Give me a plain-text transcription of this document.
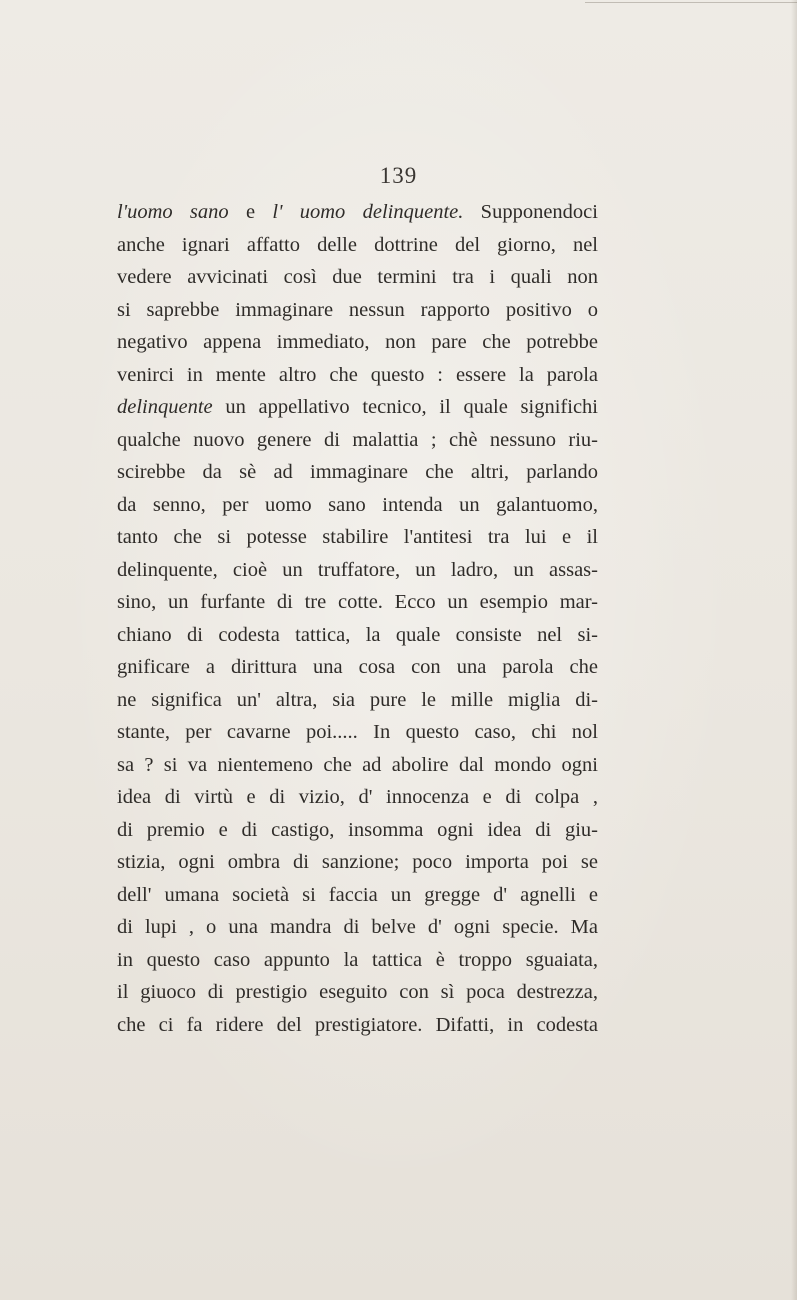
139
l'uomo sano e l' uomo delinquente. Supponendoci
anche ignari affatto delle dottrine del giorno, nel
vedere avvicinati così due termini tra i quali non
si saprebbe immaginare nessun rapporto positivo o
negativo appena immediato, non pare che potrebbe
venirci in mente altro che questo : essere la parola
delinquente un appellativo tecnico, il quale significhi
qualche nuovo genere di malattia ; chè nessuno riu-
scirebbe da sè ad immaginare che altri, parlando
da senno, per uomo sano intenda un galantuomo,
tanto che si potesse stabilire l'antitesi tra lui e il
delinquente, cioè un truffatore, un ladro, un assas-
sino, un furfante di tre cotte. Ecco un esempio mar-
chiano di codesta tattica, la quale consiste nel si-
gnificare a dirittura una cosa con una parola che
ne significa un' altra, sia pure le mille miglia di-
stante, per cavarne poi..... In questo caso, chi nol
sa ? si va nientemeno che ad abolire dal mondo ogni
idea di virtù e di vizio, d' innocenza e di colpa ,
di premio e di castigo, insomma ogni idea di giu-
stizia, ogni ombra di sanzione; poco importa poi se
dell' umana società si faccia un gregge d' agnelli e
di lupi , o una mandra di belve d' ogni specie. Ma
in questo caso appunto la tattica è troppo sguaiata,
il giuoco di prestigio eseguito con sì poca destrezza,
che ci fa ridere del prestigiatore. Difatti, in codesta
